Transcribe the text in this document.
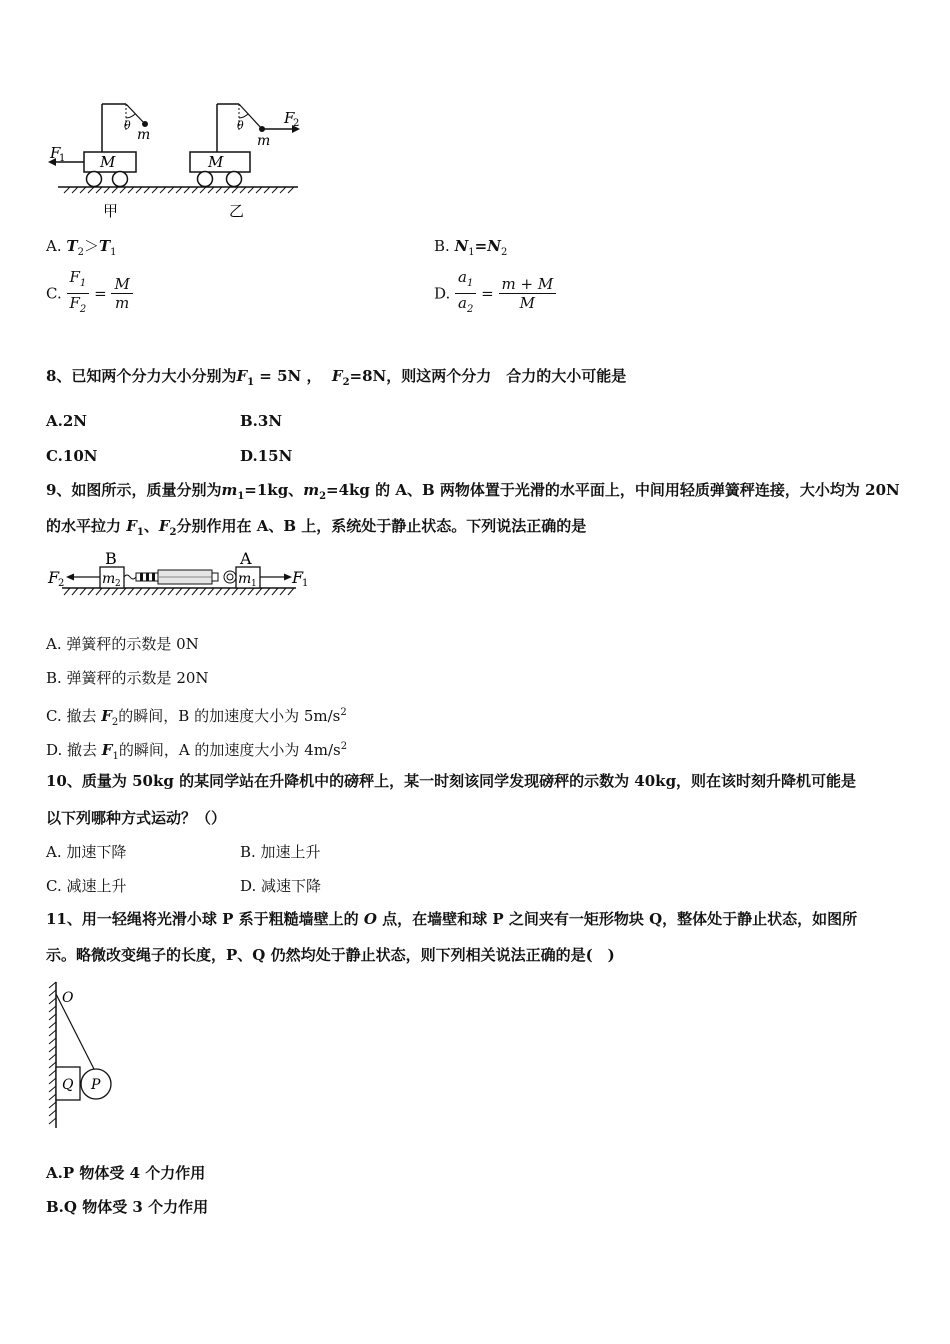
M
m
θ
F
1
甲
M
m
θ	F
2
乙
A. $T_2>T_1$	B. $N_1=N_2$
C. $\frac{F_1}{F_2} = \frac{M}{m}$	D. $\frac{a_1}{a_2} = \frac{m + M}{M}$
8、已知两个分力大小分别为$F_1 = 5N$ ， $F_2=8N$，则这两个分力　合力的大小可能是
A.2N	B.3N
C.10N	D.15N
9、如图所示，质量分别为$m_1=1kg$、$m_2=4kg$ 的 A、B 两物体置于光滑的水平面上，中间用轻质弹簧秤连接，大小均为 20N
的水平拉力 $F_1$、$F_2$分别作用在 A、B 上，系统处于静止状态。下列说法正确的是
B
m 2
A
m 1
F
2	F
1
A. 弹簧秤的示数是 0N
B. 弹簧秤的示数是 20N
C. 撤去 $F_2$的瞬间，B 的加速度大小为 $5m/s^2$
D. 撤去 $F_1$的瞬间，A 的加速度大小为 $4m/s^2$
10、质量为 50kg 的某同学站在升降机中的磅秤上，某一时刻该同学发现磅秤的示数为 40kg，则在该时刻升降机可能是
以下列哪种方式运动？（）
A. 加速下降	B. 加速上升
C. 减速上升	D. 减速下降
11、用一轻绳将光滑小球 P 系于粗糙墙壁上的 O 点，在墙壁和球 P 之间夹有一矩形物块 Q，整体处于静止状态，如图所
示。略微改变绳子的长度，P、Q 仍然均处于静止状态，则下列相关说法正确的是(　)
O
Q P
A.P 物体受 4 个力作用
B.Q 物体受 3 个力作用
